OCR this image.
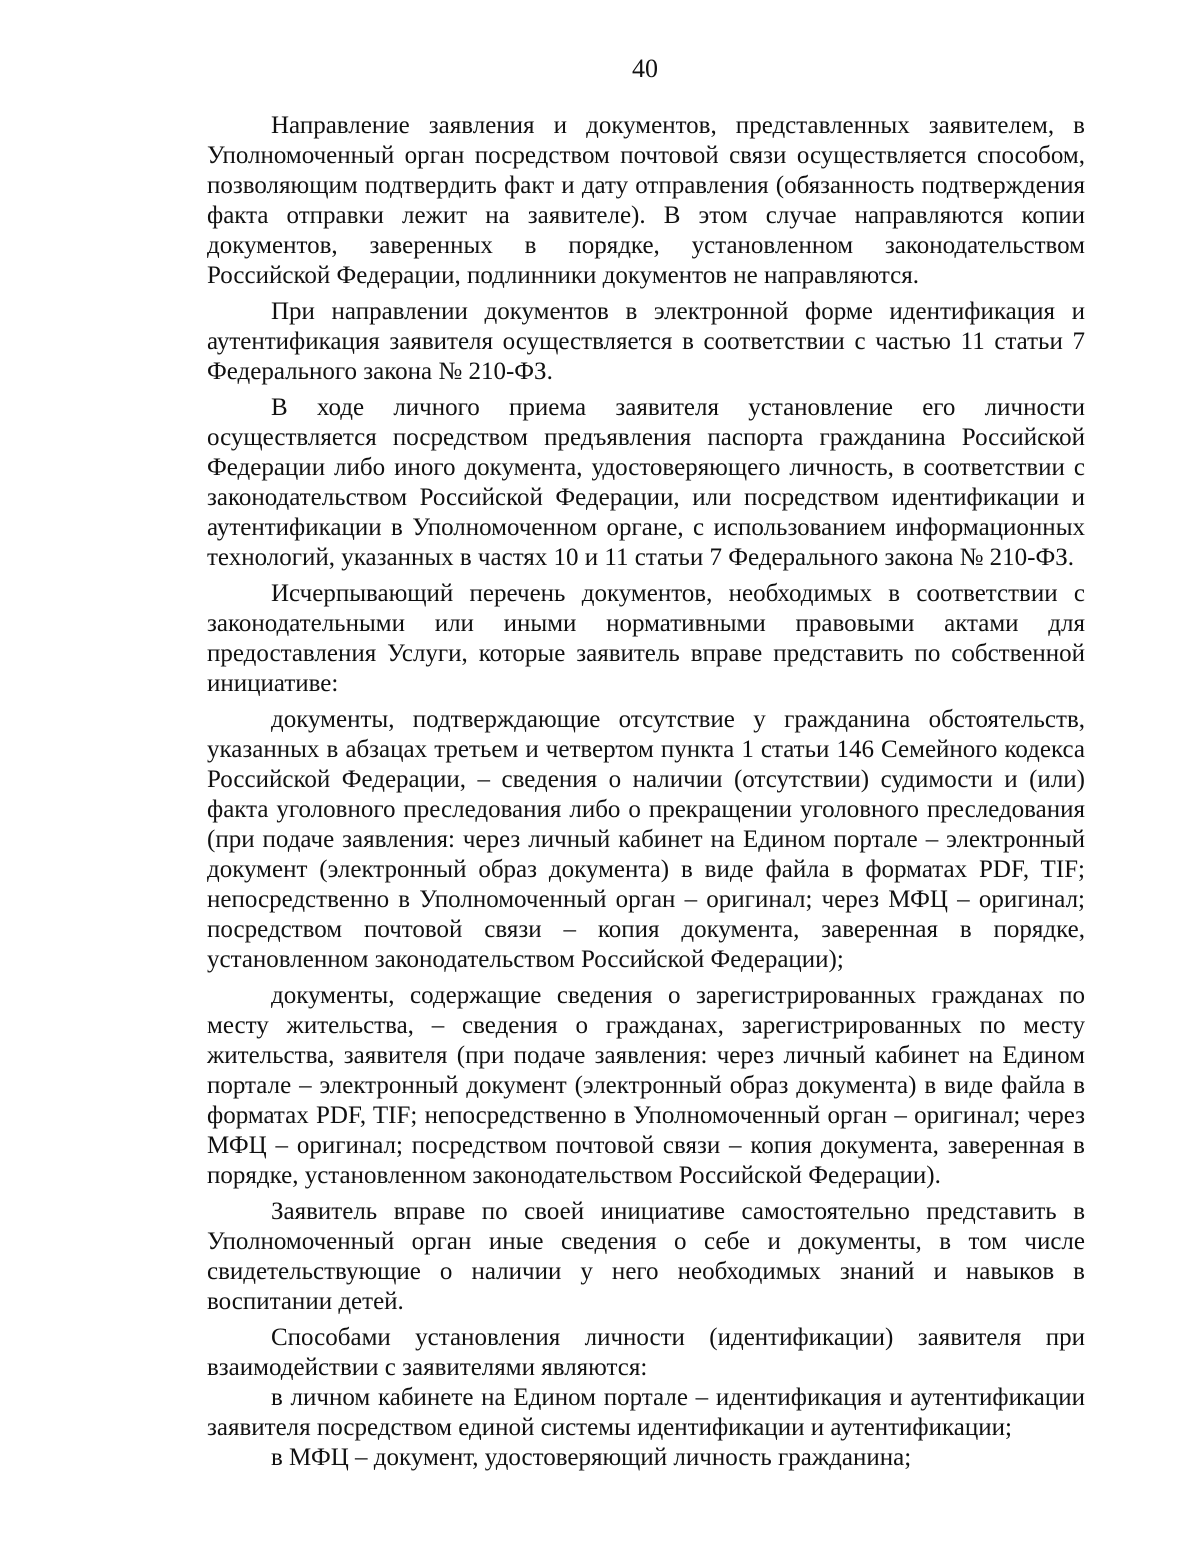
40

Направление заявления и документов, представленных заявителем, в Уполномоченный орган посредством почтовой связи осуществляется способом, позволяющим подтвердить факт и дату отправления (обязанность подтверждения факта отправки лежит на заявителе). В этом случае направляются копии документов, заверенных в порядке, установленном законодательством Российской Федерации, подлинники документов не направляются.

При направлении документов в электронной форме идентификация и аутентификация заявителя осуществляется в соответствии с частью 11 статьи 7 Федерального закона № 210-ФЗ.

В ходе личного приема заявителя установление его личности осуществляется посредством предъявления паспорта гражданина Российской Федерации либо иного документа, удостоверяющего личность, в соответствии с законодательством Российской Федерации, или посредством идентификации и аутентификации в Уполномоченном органе, с использованием информационных технологий, указанных в частях 10 и 11 статьи 7 Федерального закона № 210-ФЗ.

Исчерпывающий перечень документов, необходимых в соответствии с законодательными или иными нормативными правовыми актами для предоставления Услуги, которые заявитель вправе представить по собственной инициативе:

документы, подтверждающие отсутствие у гражданина обстоятельств, указанных в абзацах третьем и четвертом пункта 1 статьи 146 Семейного кодекса Российской Федерации, – сведения о наличии (отсутствии) судимости и (или) факта уголовного преследования либо о прекращении уголовного преследования (при подаче заявления: через личный кабинет на Едином портале – электронный документ (электронный образ документа) в виде файла в форматах PDF, TIF; непосредственно в Уполномоченный орган – оригинал; через МФЦ – оригинал; посредством почтовой связи – копия документа, заверенная в порядке, установленном законодательством Российской Федерации);

документы, содержащие сведения о зарегистрированных гражданах по месту жительства, – сведения о гражданах, зарегистрированных по месту жительства, заявителя (при подаче заявления: через личный кабинет на Едином портале – электронный документ (электронный образ документа) в виде файла в форматах PDF, TIF; непосредственно в Уполномоченный орган – оригинал; через МФЦ – оригинал; посредством почтовой связи – копия документа, заверенная в порядке, установленном законодательством Российской Федерации).

Заявитель вправе по своей инициативе самостоятельно представить в Уполномоченный орган иные сведения о себе и документы, в том числе свидетельствующие о наличии у него необходимых знаний и навыков в воспитании детей.

Способами установления личности (идентификации) заявителя при взаимодействии с заявителями являются:

в личном кабинете на Едином портале – идентификация и аутентификации заявителя посредством единой системы идентификации и аутентификации;

в МФЦ – документ, удостоверяющий личность гражданина;
